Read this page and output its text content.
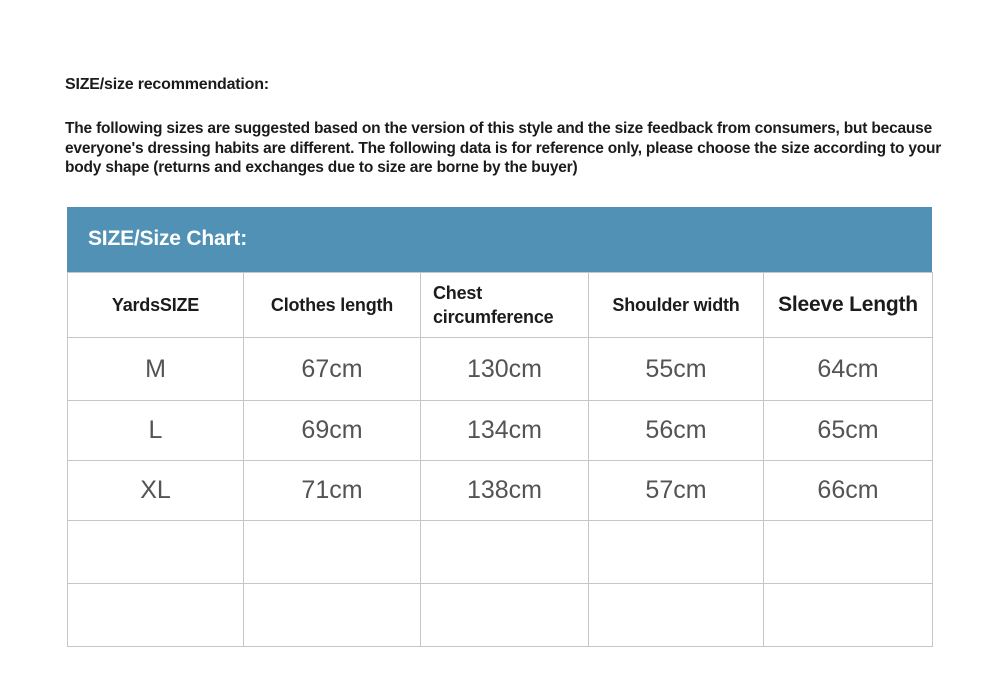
SIZE/size recommendation:

The following sizes are suggested based on the version of this style and the size feedback from consumers, but because everyone's dressing habits are different. The following data is for reference only, please choose the size according to your body shape (returns and exchanges due to size are borne by the buyer)

SIZE/Size Chart:
YardsSIZE	Clothes length	Chest circumference	Shoulder width	Sleeve Length
M	67cm	130cm	55cm	64cm
L	69cm	134cm	56cm	65cm
XL	71cm	138cm	57cm	66cm
